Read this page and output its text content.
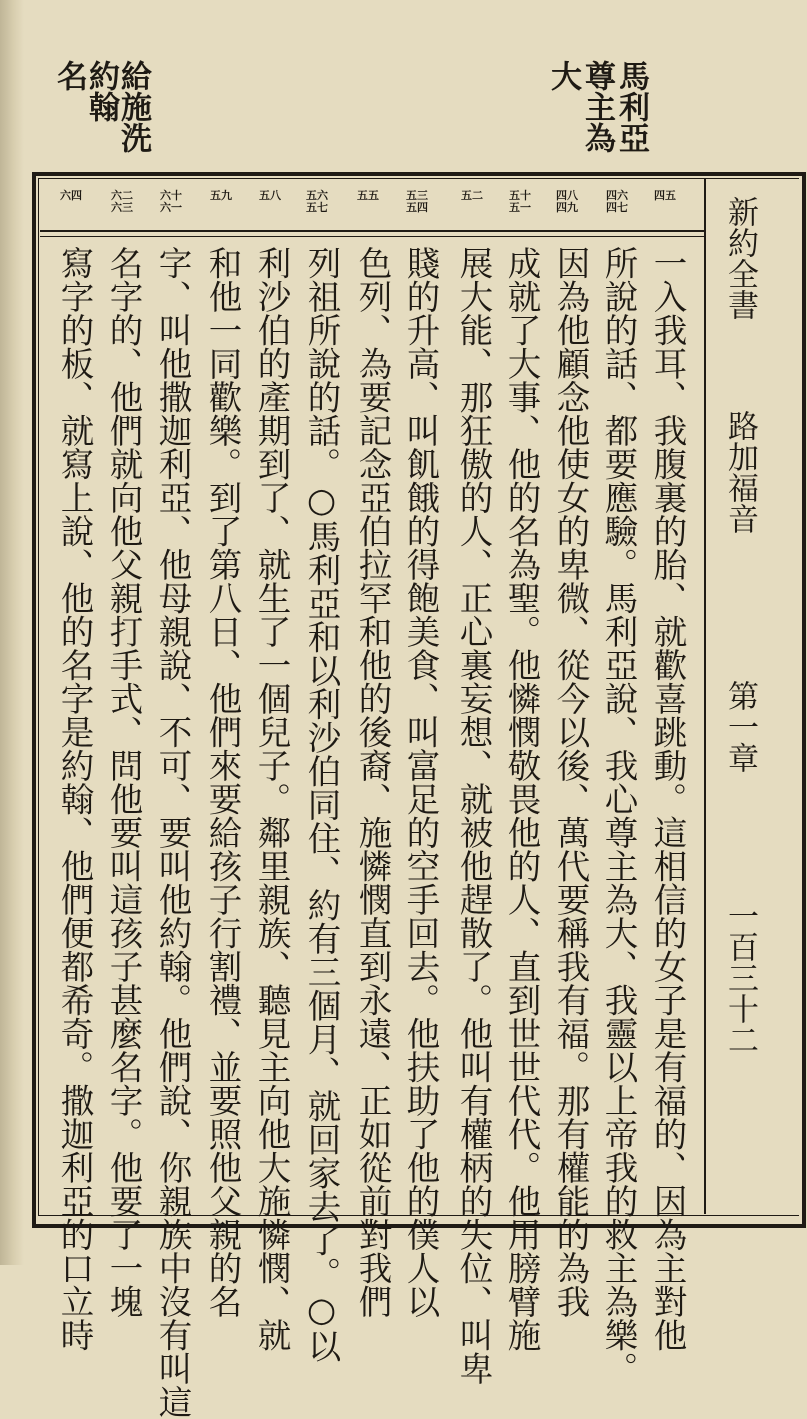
給施洗
約翰
名	馬利亞
尊主為
大
新約全書
路加福音
第一章
一百三十二
四五
四六
四七
四八
四九
五十
五一
五二
五三
五四
五五
五六
五七
五八
五九
六十
六一
六二
六三
六四
一入我耳、我腹裏的胎、就歡喜跳動。這相信的女子是有福的、因為主對他
所說的話、都要應驗。馬利亞說、我心尊主為大、我靈以上帝我的救主為樂。
因為他顧念他使女的卑微、從今以後、萬代要稱我有福。那有權能的為我
成就了大事、他的名為聖。他憐憫敬畏他的人、直到世世代代。他用膀臂施
展大能、那狂傲的人、正心裏妄想、就被他趕散了。他叫有權柄的失位、叫卑
賤的升高、叫飢餓的得飽美食、叫富足的空手回去。他扶助了他的僕人以
色列、為要記念亞伯拉罕和他的後裔、施憐憫直到永遠、正如從前對我們
列祖所說的話。○馬利亞和以利沙伯同住、約有三個月、就回家去了。○以
利沙伯的產期到了、就生了一個兒子。鄰里親族、聽見主向他大施憐憫、就
和他一同歡樂。到了第八日、他們來要給孩子行割禮、並要照他父親的名
字、叫他撒迦利亞、他母親說、不可、要叫他約翰。他們說、你親族中沒有叫這
名字的、他們就向他父親打手式、問他要叫這孩子甚麼名字。他要了一塊
寫字的板、就寫上說、他的名字是約翰、他們便都希奇。撒迦利亞的口立時
